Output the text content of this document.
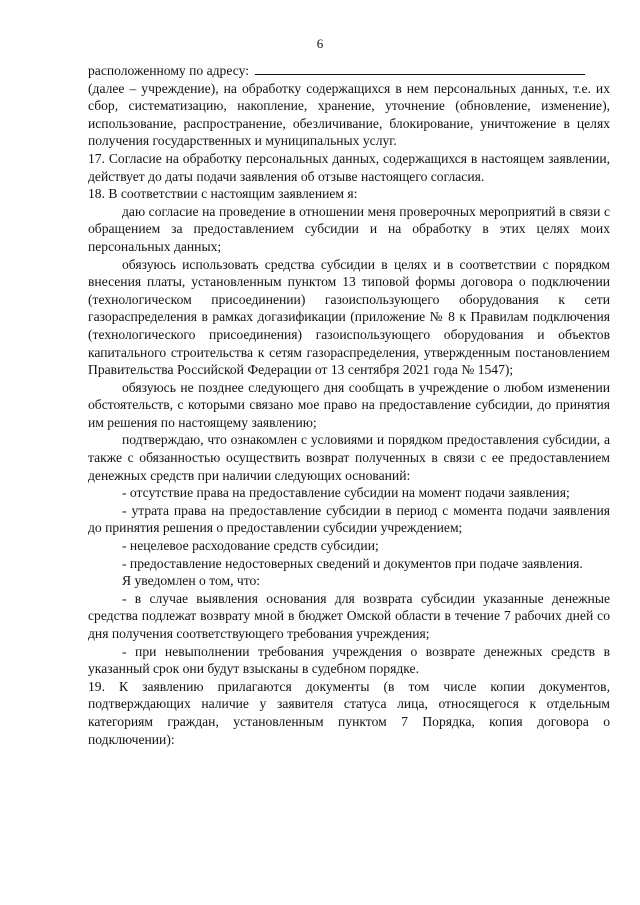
6

расположенному по адресу:

(далее – учреждение), на обработку содержащихся в нем персональных данных, т.е. их сбор, систематизацию, накопление, хранение, уточнение (обновление, изменение), использование, распространение, обезличивание, блокирование, уничтожение в целях получения государственных и муниципальных услуг.

17. Согласие на обработку персональных данных, содержащихся в настоящем заявлении, действует до даты подачи заявления об отзыве настоящего согласия.

18. В соответствии с настоящим заявлением я:

даю согласие на проведение в отношении меня проверочных мероприятий в связи с обращением за предоставлением субсидии и на обработку в этих целях моих персональных данных;

обязуюсь использовать средства субсидии в целях и в соответствии с порядком внесения платы, установленным пунктом 13 типовой формы договора о подключении (технологическом присоединении) газоиспользующего оборудования к сети газораспределения в рамках догазификации (приложение № 8 к Правилам подключения (технологического присоединения) газоиспользующего оборудования и объектов капитального строительства к сетям газораспределения, утвержденным постановлением Правительства Российской Федерации от 13 сентября 2021 года № 1547);

обязуюсь не позднее следующего дня сообщать в учреждение о любом изменении обстоятельств, с которыми связано мое право на предоставление субсидии, до принятия им решения по настоящему заявлению;

подтверждаю, что ознакомлен с условиями и порядком предоставления субсидии, а также с обязанностью осуществить возврат полученных в связи с ее предоставлением денежных средств при наличии следующих оснований:

- отсутствие права на предоставление субсидии на момент подачи заявления;

- утрата права на предоставление субсидии в период с момента подачи заявления до принятия решения о предоставлении субсидии учреждением;

- нецелевое расходование средств субсидии;

- предоставление недостоверных сведений и документов при подаче заявления.

Я уведомлен о том, что:

- в случае выявления основания для возврата субсидии указанные денежные средства подлежат возврату мной в бюджет Омской области в течение 7 рабочих дней со дня получения соответствующего требования учреждения;

- при невыполнении требования учреждения о возврате денежных средств в указанный срок они будут взысканы в судебном порядке.

19. К заявлению прилагаются документы (в том числе копии документов, подтверждающих наличие у заявителя статуса лица, относящегося к отдельным категориям граждан, установленным пунктом 7 Порядка, копия договора о подключении):
